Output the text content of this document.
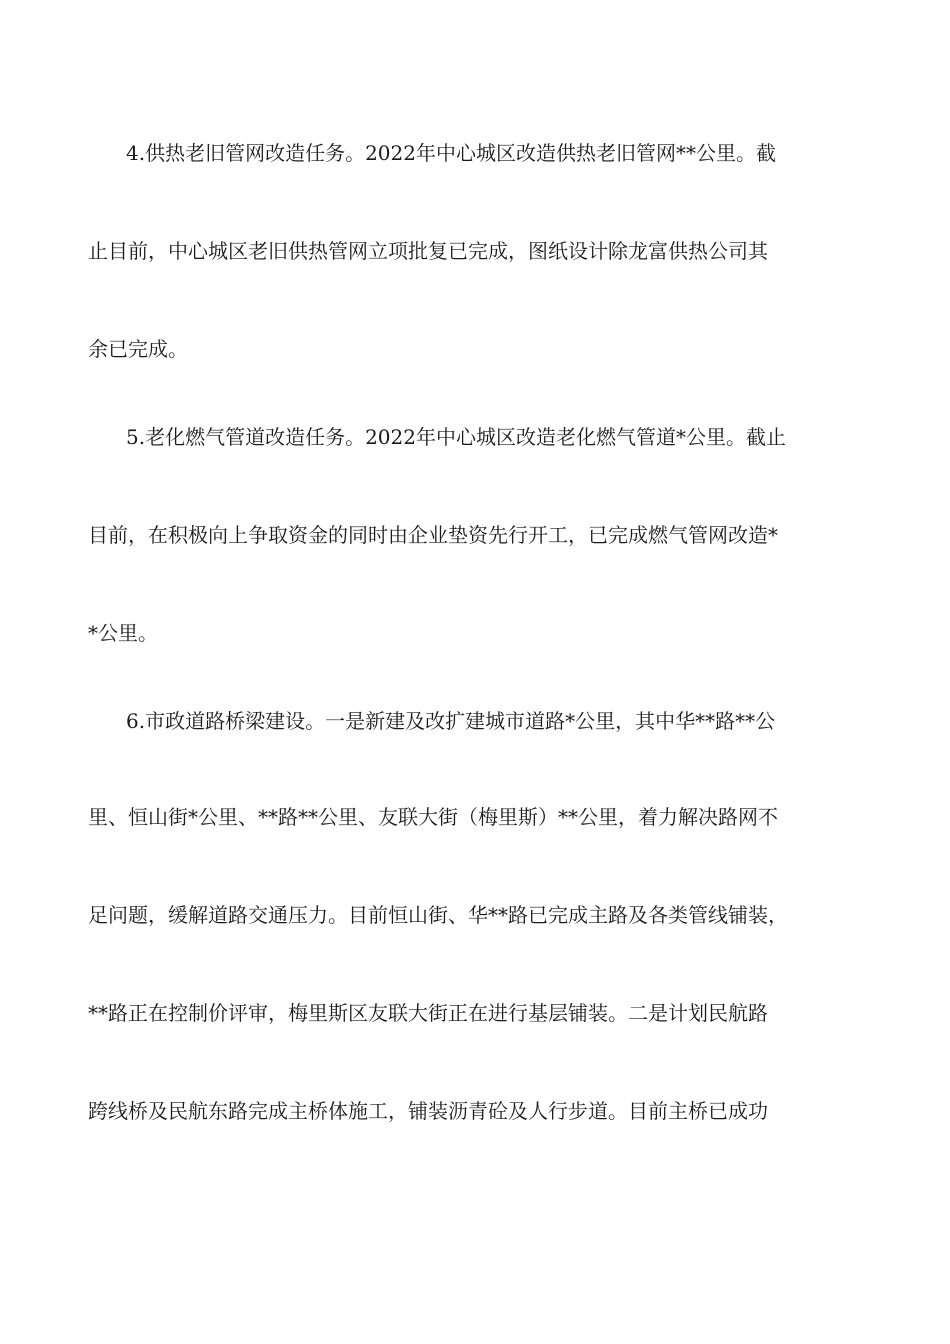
4.供热老旧管网改造任务。2022年中心城区改造供热老旧管网**公里。截
止目前，中心城区老旧供热管网立项批复已完成，图纸设计除龙富供热公司其
余已完成。
5.老化燃气管道改造任务。2022年中心城区改造老化燃气管道*公里。截止
目前，在积极向上争取资金的同时由企业垫资先行开工，已完成燃气管网改造*
*公里。
6.市政道路桥梁建设。一是新建及改扩建城市道路*公里，其中华**路**公
里、恒山街*公里、**路**公里、友联大街（梅里斯）**公里，着力解决路网不
足问题，缓解道路交通压力。目前恒山街、华**路已完成主路及各类管线铺装，
**路正在控制价评审，梅里斯区友联大街正在进行基层铺装。二是计划民航路
跨线桥及民航东路完成主桥体施工，铺装沥青砼及人行步道。目前主桥已成功
